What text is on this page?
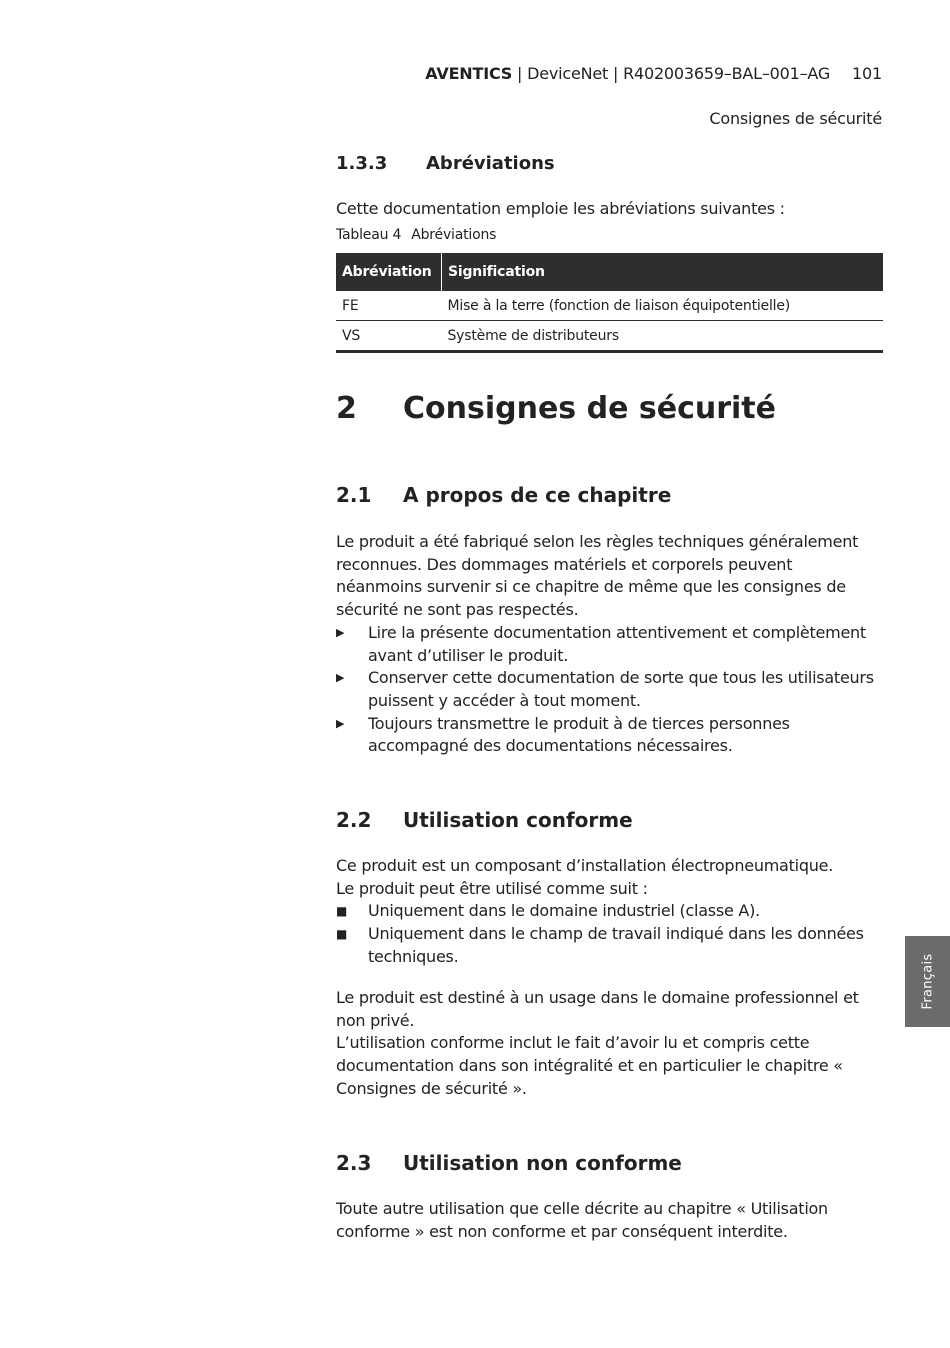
AVENTICS | DeviceNet | R402003659–BAL–001–AG 101
Consignes de sécurité
1.3.3 Abréviations
Cette documentation emploie les abréviations suivantes :
Tableau 4 Abréviations
Abréviation	Signification
FE	Mise à la terre (fonction de liaison équipotentielle)
VS	Système de distributeurs
2 Consignes de sécurité
2.1 A propos de ce chapitre

Le produit a été fabriqué selon les règles techniques généralement reconnues. Des dommages matériels et corporels peuvent néanmoins survenir si ce chapitre de même que les consignes de sécurité ne sont pas respectés.

▶ Lire la présente documentation attentivement et complètement avant d’utiliser le produit.
▶ Conserver cette documentation de sorte que tous les utilisateurs puissent y accéder à tout moment.
▶ Toujours transmettre le produit à de tierces personnes accompagné des documentations nécessaires.
2.2 Utilisation conforme

Ce produit est un composant d’installation électropneumatique.

Le produit peut être utilisé comme suit :

■ Uniquement dans le domaine industriel (classe A).
■ Uniquement dans le champ de travail indiqué dans les données techniques.

Le produit est destiné à un usage dans le domaine professionnel et non privé.

L’utilisation conforme inclut le fait d’avoir lu et compris cette documentation dans son intégralité et en particulier le chapitre « Consignes de sécurité ».

2.3 Utilisation non conforme
Toute autre utilisation que celle décrite au chapitre « Utilisation conforme » est non conforme et par conséquent interdite.
Français
